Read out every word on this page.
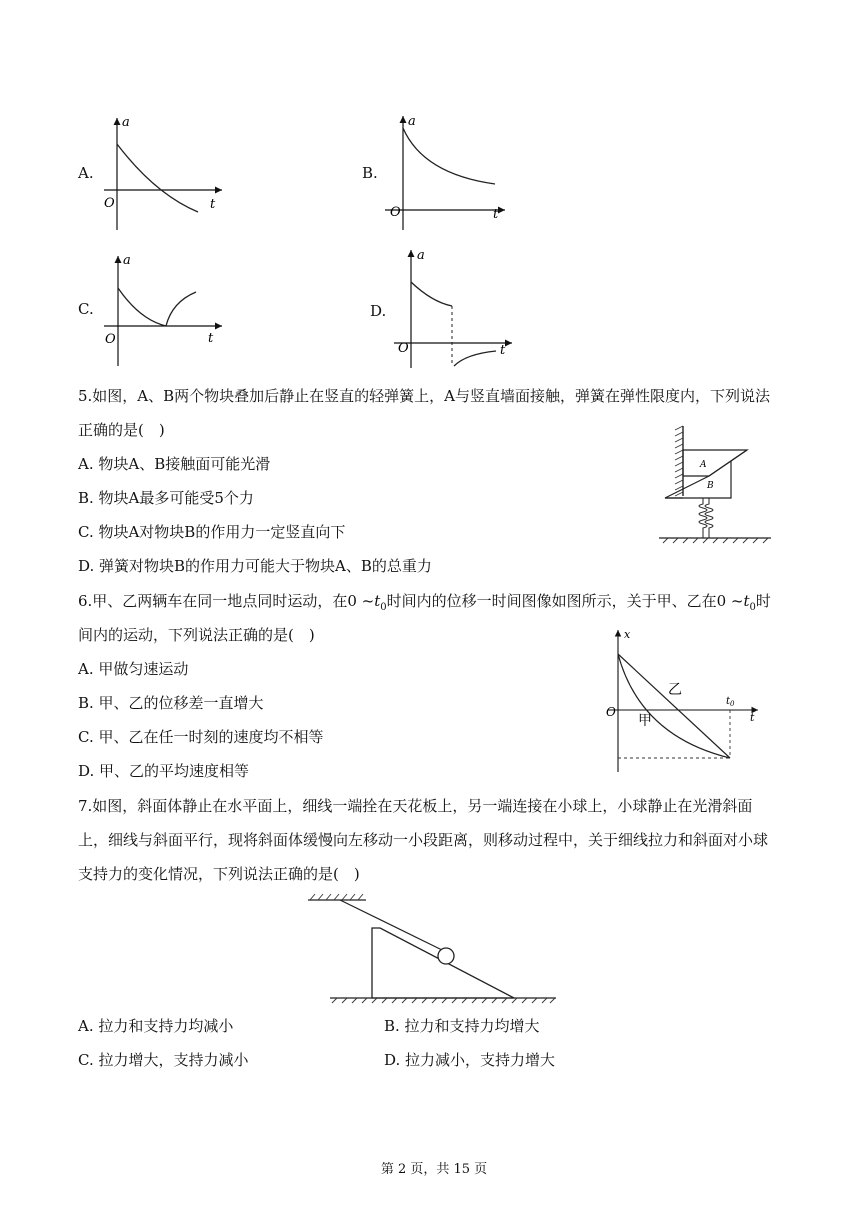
A.
a
t
O
B.
a
t
O
C.
a
t
O
D.
a
t
O
5.如图，A、B两个物块叠加后静止在竖直的轻弹簧上，A与竖直墙面接触，弹簧在弹性限度内，下列说法
正确的是(　)
A. 物块A、B接触面可能光滑
B. 物块A最多可能受5个力
C. 物块A对物块B的作用力一定竖直向下
D. 弹簧对物块B的作用力可能大于物块A、B的总重力
A
B
6.甲、乙两辆车在同一地点同时运动，在0 $\sim t_0$时间内的位移一时间图像如图所示，关于甲、乙在0 $\sim t_0$时
间内的运动，下列说法正确的是(　)
A. 甲做匀速运动
B. 甲、乙的位移差一直增大
C. 甲、乙在任一时刻的速度均不相等
D. 甲、乙的平均速度相等
x
t
O
$t_0$
乙
甲
7.如图，斜面体静止在水平面上，细线一端拴在天花板上，另一端连接在小球上，小球静止在光滑斜面
上，细线与斜面平行，现将斜面体缓慢向左移动一小段距离，则移动过程中，关于细线拉力和斜面对小球
支持力的变化情况，下列说法正确的是(　)
A. 拉力和支持力均减小	B. 拉力和支持力均增大
C. 拉力增大，支持力减小	D. 拉力减小，支持力增大
第 2 页，共 15 页
